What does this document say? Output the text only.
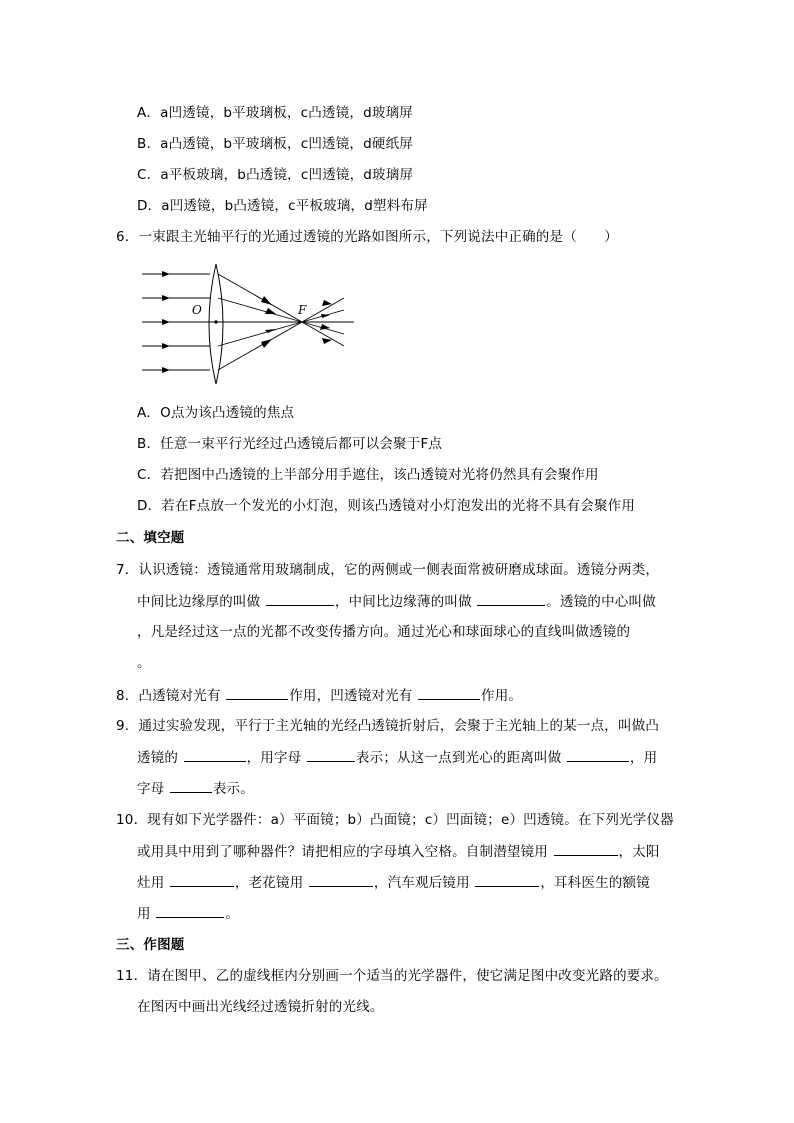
A．a凹透镜，b平玻璃板，c凸透镜，d玻璃屏
B．a凸透镜，b平玻璃板，c凹透镜，d硬纸屏
C．a平板玻璃，b凸透镜，c凹透镜，d玻璃屏
D．a凹透镜，b凸透镜，c平板玻璃，d塑料布屏
6．一束跟主光轴平行的光通过透镜的光路如图所示，下列说法中正确的是（　　）
O	F
A．O点为该凸透镜的焦点
B．任意一束平行光经过凸透镜后都可以会聚于F点
C．若把图中凸透镜的上半部分用手遮住，该凸透镜对光将仍然具有会聚作用
D．若在F点放一个发光的小灯泡，则该凸透镜对小灯泡发出的光将不具有会聚作用
二、填空题
7．认识透镜：透镜通常用玻璃制成，它的两侧或一侧表面常被研磨成球面。透镜分两类，
中间比边缘厚的叫做	，中间比边缘薄的叫做	。透镜的中心叫做
，凡是经过这一点的光都不改变传播方向。通过光心和球面球心的直线叫做透镜的
。
8．凸透镜对光有	作用，凹透镜对光有	作用。
9．通过实验发现，平行于主光轴的光经凸透镜折射后，会聚于主光轴上的某一点，叫做凸
透镜的	，用字母	表示；从这一点到光心的距离叫做	，用
字母	表示。
10．现有如下光学器件：a）平面镜；b）凸面镜；c）凹面镜；e）凹透镜。在下列光学仪器
或用具中用到了哪种器件？请把相应的字母填入空格。自制潜望镜用	，太阳
灶用	，老花镜用	，汽车观后镜用	，耳科医生的额镜
用	。
三、作图题
11．请在图甲、乙的虚线框内分别画一个适当的光学器件，使它满足图中改变光路的要求。
在图丙中画出光线经过透镜折射的光线。
